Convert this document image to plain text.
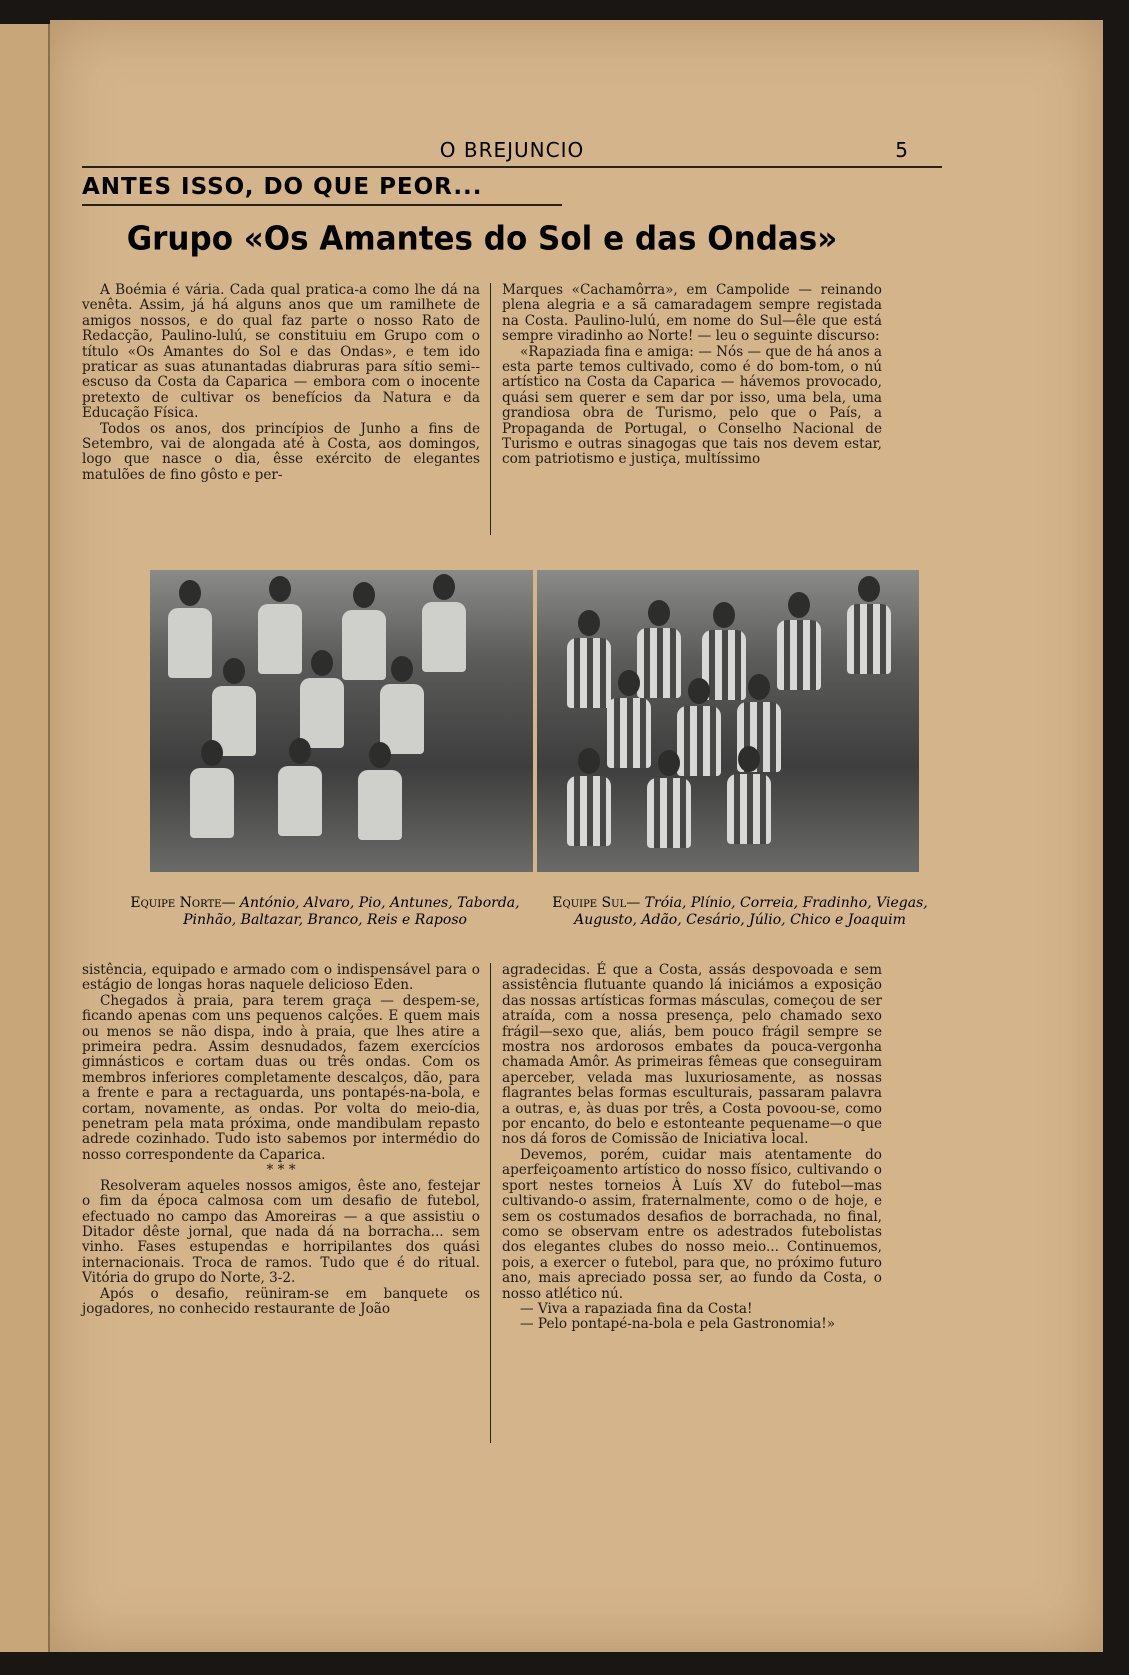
O BREJUNCIO	5
ANTES ISSO, DO QUE PEOR...
Grupo «Os Amantes do Sol e das Ondas»

A Boémia é vária. Cada qual pratica-a como lhe dá na venêta. Assim, já há alguns anos que um ramilhete de amigos nossos, e do qual faz parte o nosso Rato de Redacção, Paulino-lulú, se constituiu em Grupo com o título «Os Amantes do Sol e das Ondas», e tem ido praticar as suas atunantadas diabruras para sítio semi--escuso da Costa da Caparica — embora com o inocente pretexto de cultivar os benefícios da Natura e da Educação Física.

Todos os anos, dos princípios de Junho a fins de Setembro, vai de alongada até à Costa, aos domingos, logo que nasce o dia, êsse exército de elegantes matulões de fino gôsto e per-

Marques «Cachamôrra», em Campolide — reinando plena alegria e a sã camaradagem sempre registada na Costa. Paulino-lulú, em nome do Sul—êle que está sempre viradinho ao Norte! — leu o seguinte discurso:

«Rapaziada fina e amiga: — Nós — que de há anos a esta parte temos cultivado, como é do bom-tom, o nú artístico na Costa da Caparica — hávemos provocado, quási sem querer e sem dar por isso, uma bela, uma grandiosa obra de Turismo, pelo que o País, a Propaganda de Portugal, o Conselho Nacional de Turismo e outras sinagogas que tais nos devem estar, com patriotismo e justiça, multíssimo

Equipe Norte— António, Alvaro, Pio, Antunes, Taborda, Pinhão, Baltazar, Branco, Reis e Raposo
Equipe Sul— Tróia, Plínio, Correia, Fradinho, Viegas, Augusto, Adão, Cesário, Júlio, Chico e Joaquim

sistência, equipado e armado com o indispensável para o estágio de longas horas naquele delicioso Eden.

Chegados à praia, para terem graça — despem-se, ficando apenas com uns pequenos calções. E quem mais ou menos se não dispa, indo à praia, que lhes atire a primeira pedra. Assim desnudados, fazem exercícios gimnásticos e cortam duas ou três ondas. Com os membros inferiores completamente descalços, dão, para a frente e para a rectaguarda, uns pontapés-na-bola, e cortam, novamente, as ondas. Por volta do meio-dia, penetram pela mata próxima, onde mandibulam repasto adrede cozinhado. Tudo isto sabemos por intermédio do nosso correspondente da Caparica.

* * *

Resolveram aqueles nossos amigos, êste ano, festejar o fim da época calmosa com um desafio de futebol, efectuado no campo das Amoreiras — a que assistiu o Ditador dêste jornal, que nada dá na borracha... sem vinho. Fases estupendas e horripilantes dos quási internacionais. Troca de ramos. Tudo que é do ritual. Vitória do grupo do Norte, 3-2.

Após o desafio, reüniram-se em banquete os jogadores, no conhecido restaurante de João

agradecidas. É que a Costa, assás despovoada e sem assistência flutuante quando lá iniciámos a exposição das nossas artísticas formas másculas, começou de ser atraída, com a nossa presença, pelo chamado sexo frágil—sexo que, aliás, bem pouco frágil sempre se mostra nos ardorosos embates da pouca-vergonha chamada Amôr. As primeiras fêmeas que conseguiram aperceber, velada mas luxuriosamente, as nossas flagrantes belas formas esculturais, passaram palavra a outras, e, às duas por três, a Costa povoou-se, como por encanto, do belo e estonteante pequename—o que nos dá foros de Comissão de Iniciativa local.

Devemos, porém, cuidar mais atentamente do aperfeiçoamento artístico do nosso físico, cultivando o sport nestes torneios À Luís XV do futebol—mas cultivando-o assim, fraternalmente, como o de hoje, e sem os costumados desafios de borrachada, no final, como se observam entre os adestrados futebolistas dos elegantes clubes do nosso meio... Continuemos, pois, a exercer o futebol, para que, no próximo futuro ano, mais apreciado possa ser, ao fundo da Costa, o nosso atlético nú.

— Viva a rapaziada fina da Costa!

— Pelo pontapé-na-bola e pela Gastronomia!»
